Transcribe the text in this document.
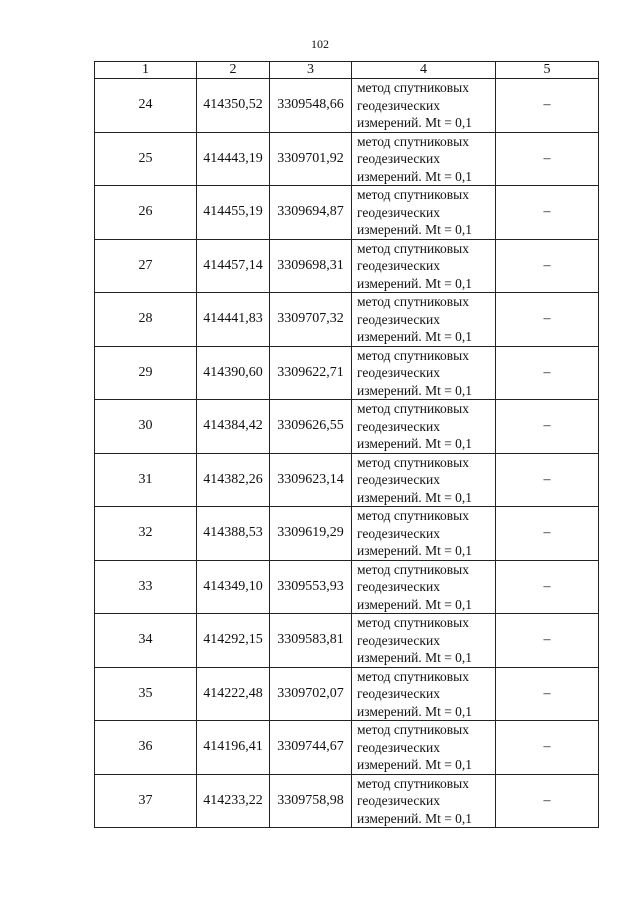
102
1	2	3	4	5
24	414350,52	3309548,66	метод спутниковых
геодезических
измерений. Mt = 0,1	–
25	414443,19	3309701,92	метод спутниковых
геодезических
измерений. Mt = 0,1	–
26	414455,19	3309694,87	метод спутниковых
геодезических
измерений. Mt = 0,1	–
27	414457,14	3309698,31	метод спутниковых
геодезических
измерений. Mt = 0,1	–
28	414441,83	3309707,32	метод спутниковых
геодезических
измерений. Mt = 0,1	–
29	414390,60	3309622,71	метод спутниковых
геодезических
измерений. Mt = 0,1	–
30	414384,42	3309626,55	метод спутниковых
геодезических
измерений. Mt = 0,1	–
31	414382,26	3309623,14	метод спутниковых
геодезических
измерений. Mt = 0,1	–
32	414388,53	3309619,29	метод спутниковых
геодезических
измерений. Mt = 0,1	–
33	414349,10	3309553,93	метод спутниковых
геодезических
измерений. Mt = 0,1	–
34	414292,15	3309583,81	метод спутниковых
геодезических
измерений. Mt = 0,1	–
35	414222,48	3309702,07	метод спутниковых
геодезических
измерений. Mt = 0,1	–
36	414196,41	3309744,67	метод спутниковых
геодезических
измерений. Mt = 0,1	–
37	414233,22	3309758,98	метод спутниковых
геодезических
измерений. Mt = 0,1	–
